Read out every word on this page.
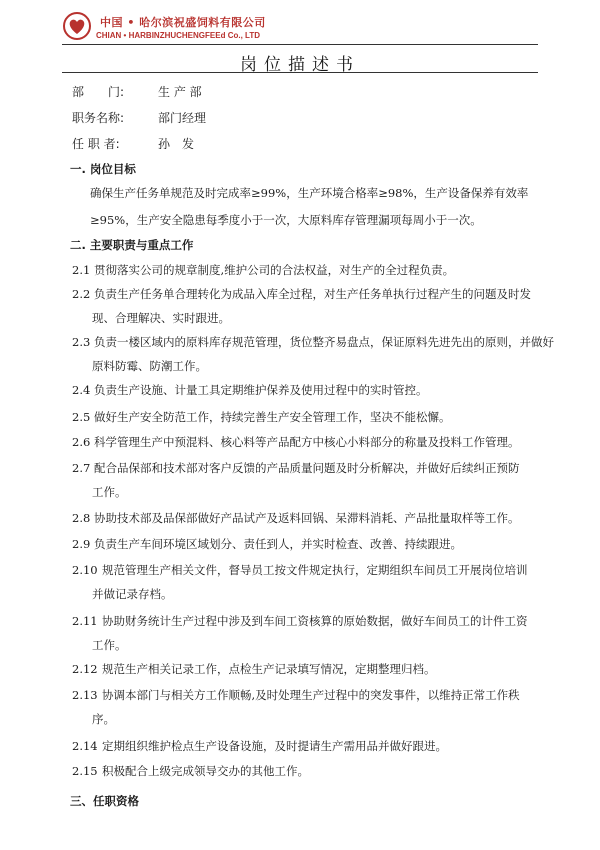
中国 • 哈尔滨祝盛饲料有限公司
CHIAN • HARBINZHUCHENGFEEd Co., LTD
岗位描述书
部　　门:	生 产 部
职务名称:	部门经理
任 职 者:	孙　发
一. 岗位目标
确保生产任务单规范及时完成率≥99%，生产环境合格率≥98%，生产设备保养有效率
≥95%，生产安全隐患每季度小于一次，大原料库存管理漏项每周小于一次。
二. 主要职责与重点工作
2.1 贯彻落实公司的规章制度,维护公司的合法权益，对生产的全过程负责。
2.2 负责生产任务单合理转化为成品入库全过程，对生产任务单执行过程产生的问题及时发
现、合理解决、实时跟进。
2.3 负责一楼区域内的原料库存规范管理，货位整齐易盘点，保证原料先进先出的原则，并做好
原料防霉、防潮工作。
2.4 负责生产设施、计量工具定期维护保养及使用过程中的实时管控。
2.5 做好生产安全防范工作，持续完善生产安全管理工作，坚决不能松懈。
2.6 科学管理生产中预混料、核心料等产品配方中核心小料部分的称量及投料工作管理。
2.7 配合品保部和技术部对客户反馈的产品质量问题及时分析解决，并做好后续纠正预防
工作。
2.8 协助技术部及品保部做好产品试产及返料回锅、呆滞料消耗、产品批量取样等工作。
2.9 负责生产车间环境区域划分、责任到人，并实时检查、改善、持续跟进。
2.10 规范管理生产相关文件，督导员工按文件规定执行，定期组织车间员工开展岗位培训
并做记录存档。
2.11 协助财务统计生产过程中涉及到车间工资核算的原始数据，做好车间员工的计件工资
工作。
2.12 规范生产相关记录工作，点检生产记录填写情况，定期整理归档。
2.13 协调本部门与相关方工作顺畅,及时处理生产过程中的突发事件，以维持正常工作秩
序。
2.14 定期组织维护检点生产设备设施，及时提请生产需用品并做好跟进。
2.15 积极配合上级完成领导交办的其他工作。
三、任职资格
